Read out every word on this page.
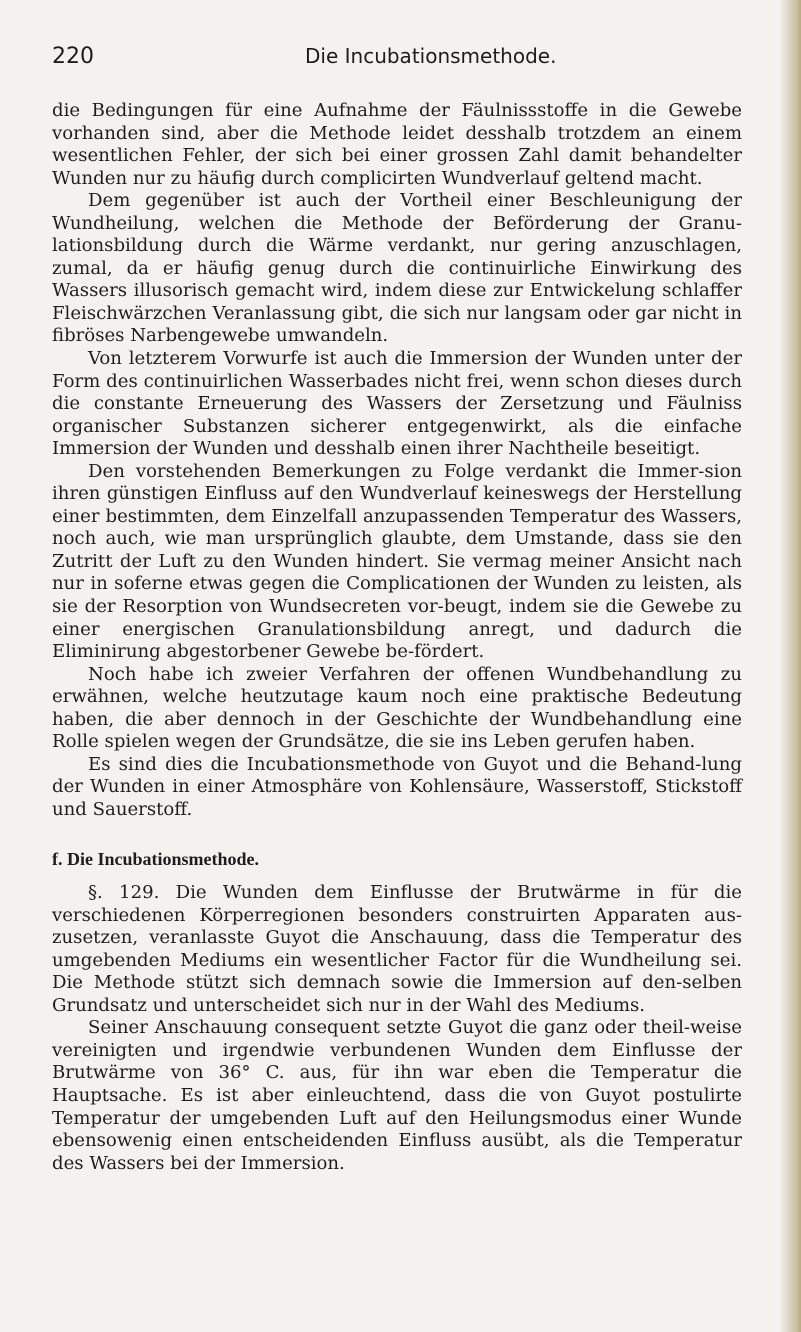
220	Die Incubationsmethode.

die Bedingungen für eine Aufnahme der Fäulnissstoffe in die Gewebe vorhanden sind, aber die Methode leidet desshalb trotzdem an einem wesentlichen Fehler, der sich bei einer grossen Zahl damit behandelter Wunden nur zu häufig durch complicirten Wundverlauf geltend macht.

Dem gegenüber ist auch der Vortheil einer Beschleunigung der Wundheilung, welchen die Methode der Beförderung der Granu-lationsbildung durch die Wärme verdankt, nur gering anzuschlagen, zumal, da er häufig genug durch die continuirliche Einwirkung des Wassers illusorisch gemacht wird, indem diese zur Entwickelung schlaffer Fleischwärzchen Veranlassung gibt, die sich nur langsam oder gar nicht in fibröses Narbengewebe umwandeln.

Von letzterem Vorwurfe ist auch die Immersion der Wunden unter der Form des continuirlichen Wasserbades nicht frei, wenn schon dieses durch die constante Erneuerung des Wassers der Zersetzung und Fäulniss organischer Substanzen sicherer entgegenwirkt, als die einfache Immersion der Wunden und desshalb einen ihrer Nachtheile beseitigt.

Den vorstehenden Bemerkungen zu Folge verdankt die Immer-sion ihren günstigen Einfluss auf den Wundverlauf keineswegs der Herstellung einer bestimmten, dem Einzelfall anzupassenden Temperatur des Wassers, noch auch, wie man ursprünglich glaubte, dem Umstande, dass sie den Zutritt der Luft zu den Wunden hindert. Sie vermag meiner Ansicht nach nur in soferne etwas gegen die Complicationen der Wunden zu leisten, als sie der Resorption von Wundsecreten vor-beugt, indem sie die Gewebe zu einer energischen Granulationsbildung anregt, und dadurch die Eliminirung abgestorbener Gewebe be-fördert.

Noch habe ich zweier Verfahren der offenen Wundbehandlung zu erwähnen, welche heutzutage kaum noch eine praktische Bedeutung haben, die aber dennoch in der Geschichte der Wundbehandlung eine Rolle spielen wegen der Grundsätze, die sie ins Leben gerufen haben.

Es sind dies die Incubationsmethode von Guyot und die Behand-lung der Wunden in einer Atmosphäre von Kohlensäure, Wasserstoff, Stickstoff und Sauerstoff.

f. Die Incubationsmethode.

§. 129. Die Wunden dem Einflusse der Brutwärme in für die verschiedenen Körperregionen besonders construirten Apparaten aus-zusetzen, veranlasste Guyot die Anschauung, dass die Temperatur des umgebenden Mediums ein wesentlicher Factor für die Wundheilung sei. Die Methode stützt sich demnach sowie die Immersion auf den-selben Grundsatz und unterscheidet sich nur in der Wahl des Mediums.

Seiner Anschauung consequent setzte Guyot die ganz oder theil-weise vereinigten und irgendwie verbundenen Wunden dem Einflusse der Brutwärme von 36° C. aus, für ihn war eben die Temperatur die Hauptsache. Es ist aber einleuchtend, dass die von Guyot postulirte Temperatur der umgebenden Luft auf den Heilungsmodus einer Wunde ebensowenig einen entscheidenden Einfluss ausübt, als die Temperatur des Wassers bei der Immersion.
